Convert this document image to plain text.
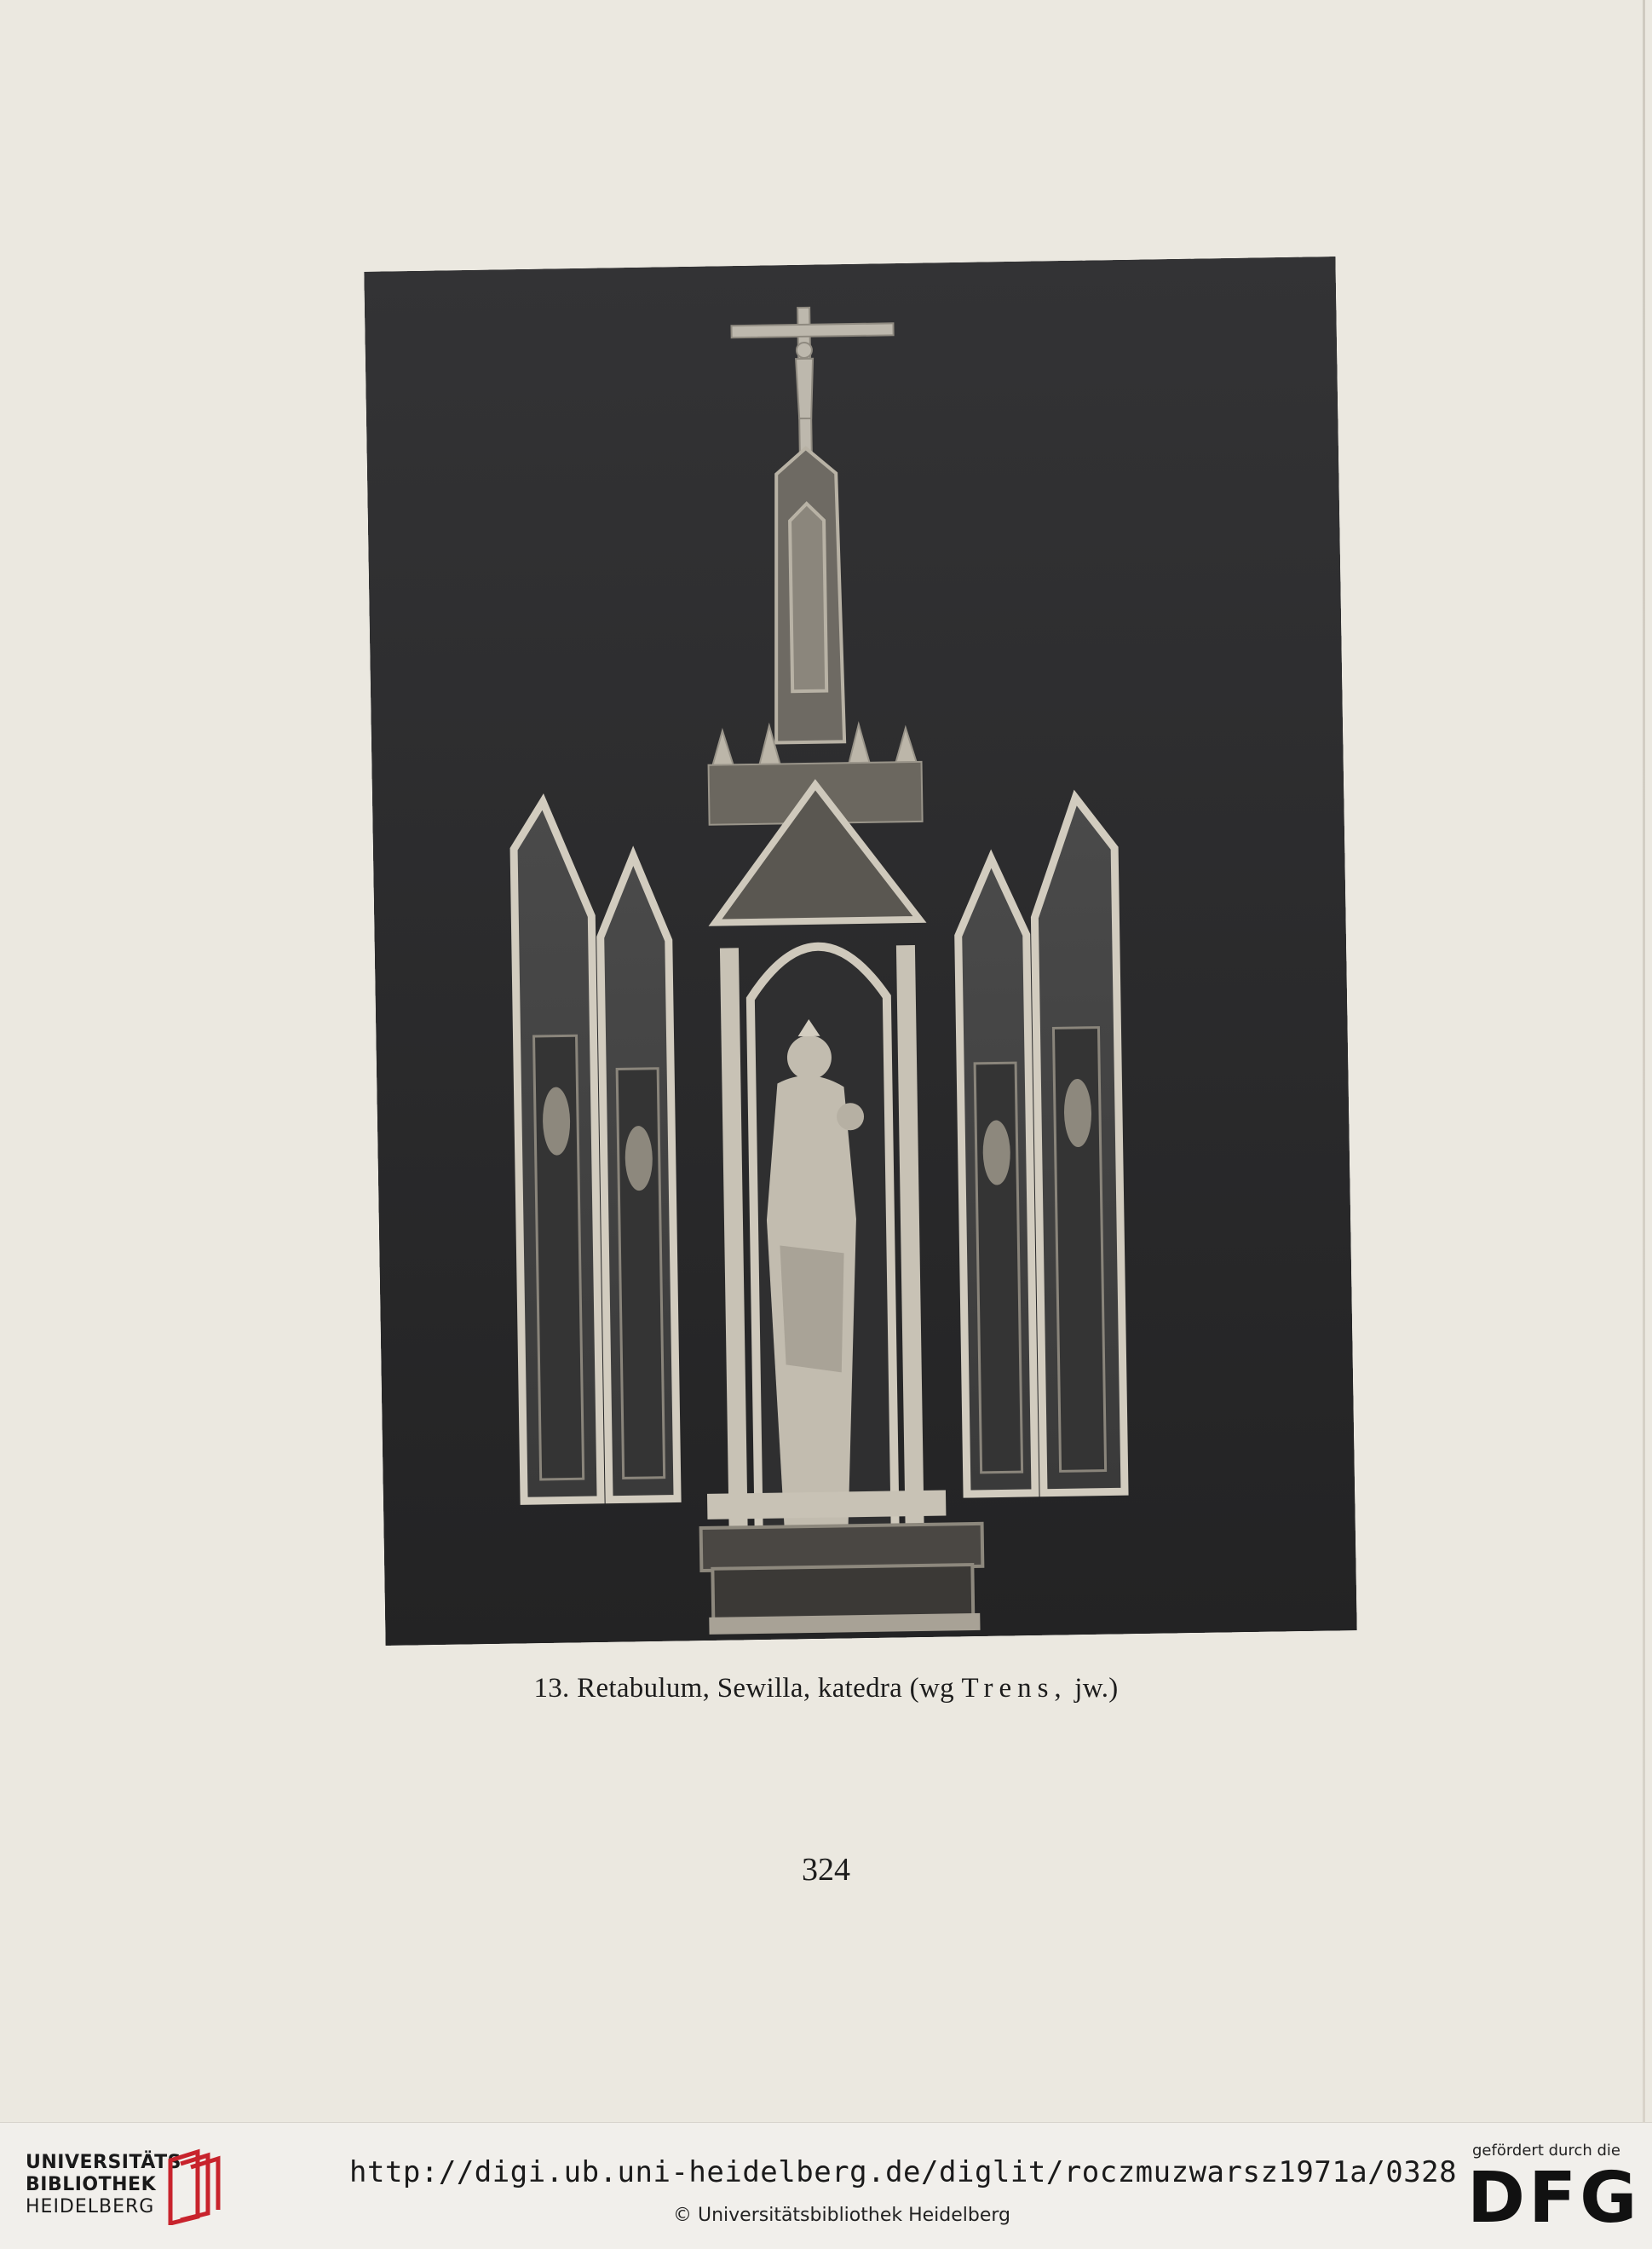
13. Retabulum, Sewilla, katedra (wg Trens, jw.)
324
UNIVERSITÄTS-
BIBLIOTHEK
HEIDELBERG
http://digi.ub.uni-heidelberg.de/diglit/roczmuzwarsz1971a/0328
© Universitätsbibliothek Heidelberg
gefördert durch die
DFG
